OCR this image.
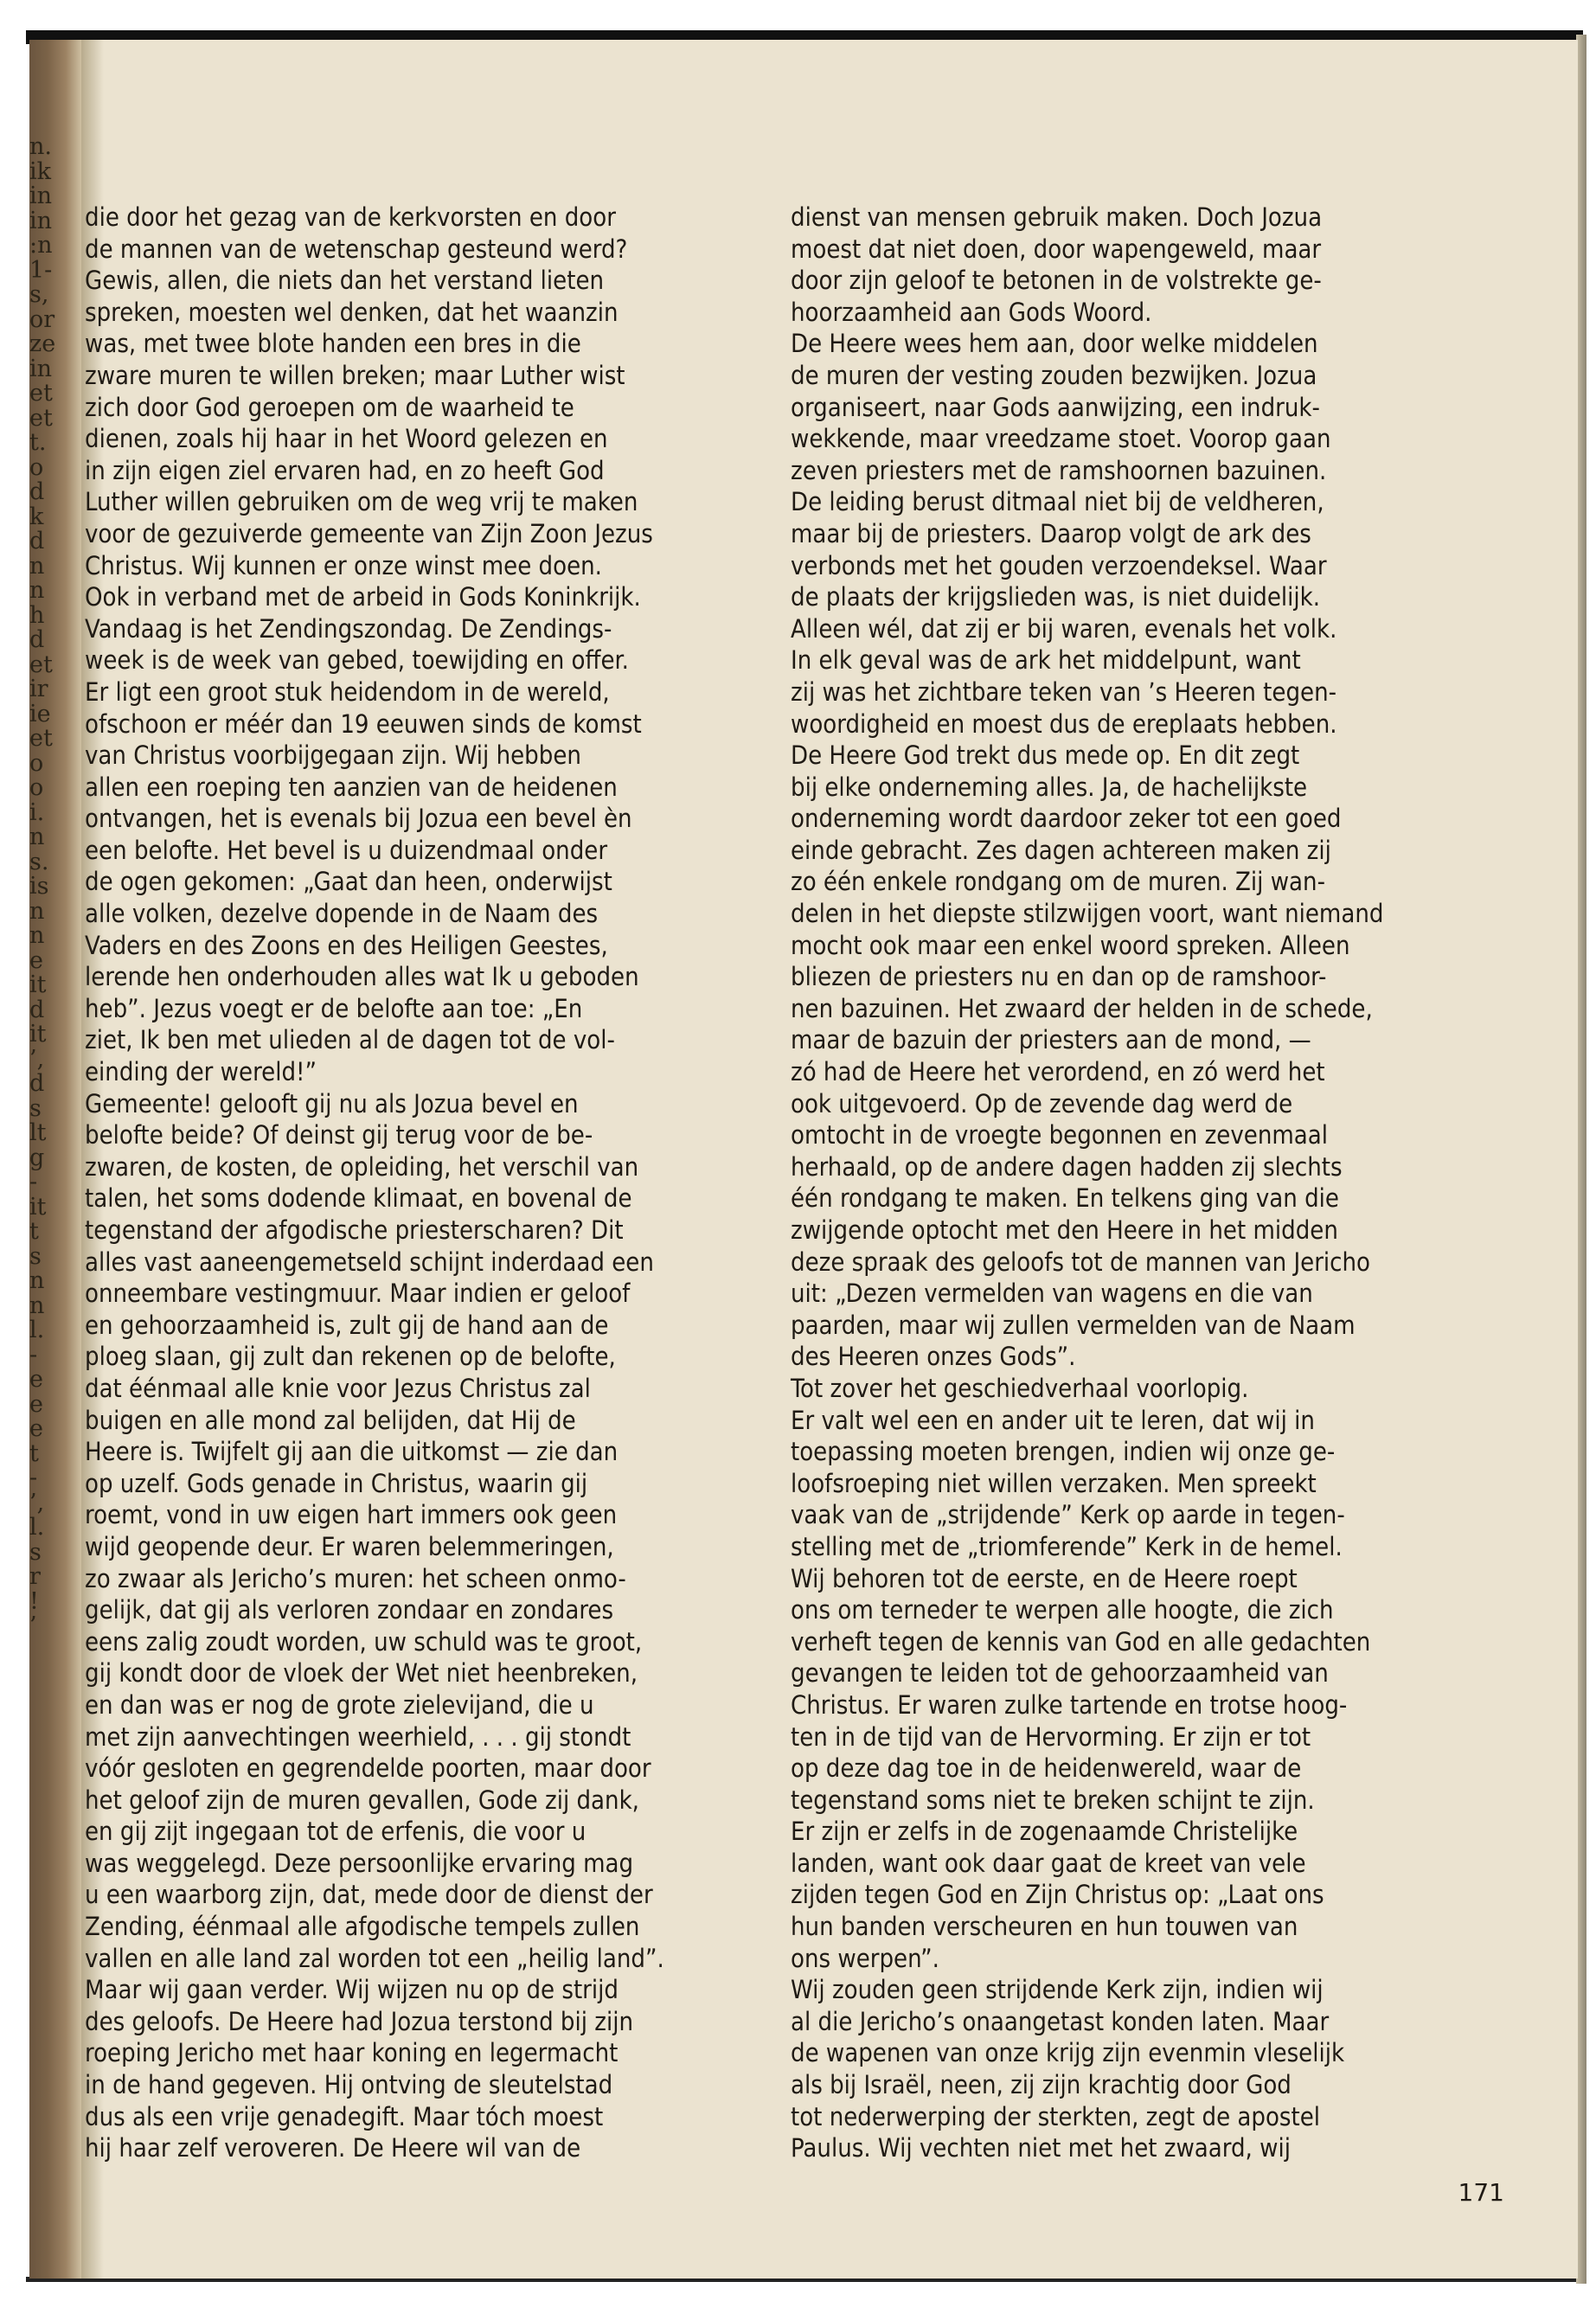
n.
ik
in
in
:n
1-
s,
or
ze
in
et
et
t.
o
d
k
d
n
n
h
d
et
ir
ie
et
o
o
i.
n
s.
is
n
n
e
it
d
it
’,
d
s
lt
g
-
it
t
s
n
n
l.
-
e
e
e
t
-
’,
l.
s
r
!
’
die door het gezag van de kerkvorsten en door
de mannen van de wetenschap gesteund werd?
Gewis, allen, die niets dan het verstand lieten
spreken, moesten wel denken, dat het waanzin
was, met twee blote handen een bres in die
zware muren te willen breken; maar Luther wist
zich door God geroepen om de waarheid te
dienen, zoals hij haar in het Woord gelezen en
in zijn eigen ziel ervaren had, en zo heeft God
Luther willen gebruiken om de weg vrij te maken
voor de gezuiverde gemeente van Zijn Zoon Jezus
Christus. Wij kunnen er onze winst mee doen.
Ook in verband met de arbeid in Gods Koninkrijk.
Vandaag is het Zendingszondag. De Zendings-
week is de week van gebed, toewijding en offer.
Er ligt een groot stuk heidendom in de wereld,
ofschoon er méér dan 19 eeuwen sinds de komst
van Christus voorbijgegaan zijn. Wij hebben
allen een roeping ten aanzien van de heidenen
ontvangen, het is evenals bij Jozua een bevel èn
een belofte. Het bevel is u duizendmaal onder
de ogen gekomen: „Gaat dan heen, onderwijst
alle volken, dezelve dopende in de Naam des
Vaders en des Zoons en des Heiligen Geestes,
lerende hen onderhouden alles wat Ik u geboden
heb”. Jezus voegt er de belofte aan toe: „En
ziet, Ik ben met ulieden al de dagen tot de vol-
einding der wereld!”
Gemeente! gelooft gij nu als Jozua bevel en
belofte beide? Of deinst gij terug voor de be-
zwaren, de kosten, de opleiding, het verschil van
talen, het soms dodende klimaat, en bovenal de
tegenstand der afgodische priesterscharen? Dit
alles vast aaneengemetseld schijnt inderdaad een
onneembare vestingmuur. Maar indien er geloof
en gehoorzaamheid is, zult gij de hand aan de
ploeg slaan, gij zult dan rekenen op de belofte,
dat éénmaal alle knie voor Jezus Christus zal
buigen en alle mond zal belijden, dat Hij de
Heere is. Twijfelt gij aan die uitkomst — zie dan
op uzelf. Gods genade in Christus, waarin gij
roemt, vond in uw eigen hart immers ook geen
wijd geopende deur. Er waren belemmeringen,
zo zwaar als Jericho’s muren: het scheen onmo-
gelijk, dat gij als verloren zondaar en zondares
eens zalig zoudt worden, uw schuld was te groot,
gij kondt door de vloek der Wet niet heenbreken,
en dan was er nog de grote zielevijand, die u
met zijn aanvechtingen weerhield, . . . gij stondt
vóór gesloten en gegrendelde poorten, maar door
het geloof zijn de muren gevallen, Gode zij dank,
en gij zijt ingegaan tot de erfenis, die voor u
was weggelegd. Deze persoonlijke ervaring mag
u een waarborg zijn, dat, mede door de dienst der
Zending, éénmaal alle afgodische tempels zullen
vallen en alle land zal worden tot een „heilig land”.
Maar wij gaan verder. Wij wijzen nu op de strijd
des geloofs. De Heere had Jozua terstond bij zijn
roeping Jericho met haar koning en legermacht
in de hand gegeven. Hij ontving de sleutelstad
dus als een vrije genadegift. Maar tóch moest
hij haar zelf veroveren. De Heere wil van de
dienst van mensen gebruik maken. Doch Jozua
moest dat niet doen, door wapengeweld, maar
door zijn geloof te betonen in de volstrekte ge-
hoorzaamheid aan Gods Woord.
De Heere wees hem aan, door welke middelen
de muren der vesting zouden bezwijken. Jozua
organiseert, naar Gods aanwijzing, een indruk-
wekkende, maar vreedzame stoet. Voorop gaan
zeven priesters met de ramshoornen bazuinen.
De leiding berust ditmaal niet bij de veldheren,
maar bij de priesters. Daarop volgt de ark des
verbonds met het gouden verzoendeksel. Waar
de plaats der krijgslieden was, is niet duidelijk.
Alleen wél, dat zij er bij waren, evenals het volk.
In elk geval was de ark het middelpunt, want
zij was het zichtbare teken van ’s Heeren tegen-
woordigheid en moest dus de ereplaats hebben.
De Heere God trekt dus mede op. En dit zegt
bij elke onderneming alles. Ja, de hachelijkste
onderneming wordt daardoor zeker tot een goed
einde gebracht. Zes dagen achtereen maken zij
zo één enkele rondgang om de muren. Zij wan-
delen in het diepste stilzwijgen voort, want niemand
mocht ook maar een enkel woord spreken. Alleen
bliezen de priesters nu en dan op de ramshoor-
nen bazuinen. Het zwaard der helden in de schede,
maar de bazuin der priesters aan de mond, —
zó had de Heere het verordend, en zó werd het
ook uitgevoerd. Op de zevende dag werd de
omtocht in de vroegte begonnen en zevenmaal
herhaald, op de andere dagen hadden zij slechts
één rondgang te maken. En telkens ging van die
zwijgende optocht met den Heere in het midden
deze spraak des geloofs tot de mannen van Jericho
uit: „Dezen vermelden van wagens en die van
paarden, maar wij zullen vermelden van de Naam
des Heeren onzes Gods”.
Tot zover het geschiedverhaal voorlopig.
Er valt wel een en ander uit te leren, dat wij in
toepassing moeten brengen, indien wij onze ge-
loofsroeping niet willen verzaken. Men spreekt
vaak van de „strijdende” Kerk op aarde in tegen-
stelling met de „triomferende” Kerk in de hemel.
Wij behoren tot de eerste, en de Heere roept
ons om terneder te werpen alle hoogte, die zich
verheft tegen de kennis van God en alle gedachten
gevangen te leiden tot de gehoorzaamheid van
Christus. Er waren zulke tartende en trotse hoog-
ten in de tijd van de Hervorming. Er zijn er tot
op deze dag toe in de heidenwereld, waar de
tegenstand soms niet te breken schijnt te zijn.
Er zijn er zelfs in de zogenaamde Christelijke
landen, want ook daar gaat de kreet van vele
zijden tegen God en Zijn Christus op: „Laat ons
hun banden verscheuren en hun touwen van
ons werpen”.
Wij zouden geen strijdende Kerk zijn, indien wij
al die Jericho’s onaangetast konden laten. Maar
de wapenen van onze krijg zijn evenmin vleselijk
als bij Israël, neen, zij zijn krachtig door God
tot nederwerping der sterkten, zegt de apostel
Paulus. Wij vechten niet met het zwaard, wij
171
